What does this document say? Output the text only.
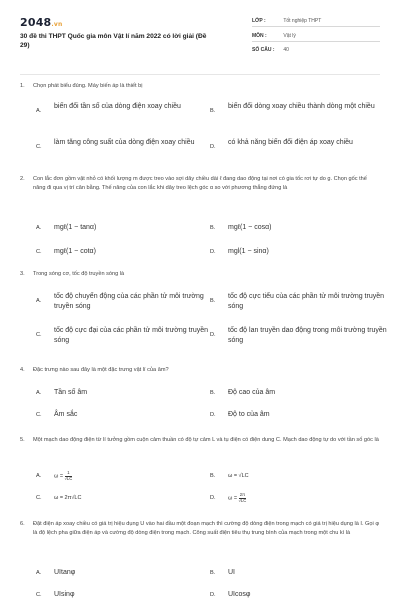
2048.vn
30 đề thi THPT Quốc gia môn Vật lí năm 2022 có lời giải (Đề 29)
LỚP :	Tốt nghiệp THPT
MÔN :	Vật lý
SỐ CÂU : 40
1. Chọn phát biểu đúng. Máy biến áp là thiết bị
A.
biến đổi tần số của dòng điện xoay chiều
B.
biến đổi dòng xoay chiều thành dòng một chiều
C.
làm tăng công suất của dòng điện xoay chiều
D.
có khả năng biến đổi điện áp xoay chiều
2. Con lắc đơn gồm vật nhỏ có khối lượng m được treo vào sợi dây chiều dài ℓ đang dao động tại nơi có gia tốc rơi tự do g. Chọn gốc thế năng đi qua vị trí cân bằng. Thế năng của con lắc khi dây treo lệch góc α so với phương thẳng đứng là
A. mgℓ(1 − tanα)	B. mgℓ(1 − cosα)
C. mgℓ(1 − cotα)	D. mgl(1 − sinα)
3. Trong sóng cơ, tốc độ truyền sóng là
A.
tốc độ chuyển động của các phần tử môi trường truyền sóng
B.
tốc độ cực tiểu của các phần tử môi trường truyền sóng
C.
tốc độ cực đại của các phần tử môi trường truyền sóng
D.
tốc độ lan truyền dao động trong môi trường truyền sóng
4. Đặc trưng nào sau đây là một đặc trưng vật lí của âm?
A. Tần số âm	B. Độ cao của âm
C. Âm sắc	D. Độ to của âm
5. Một mạch dao động điện từ lí tưởng gồm cuộn cảm thuần có độ tự cảm L và tụ điện có điện dung C. Mạch dao động tự do với tần số góc là
A. $\omega = \frac{1}{√LC}$	B. ω = √LC
C. ω = 2π√LC	D. $\omega = \frac{2\pi}{√LC}$
6. Đặt điện áp xoay chiều có giá trị hiệu dụng U vào hai đầu một đoạn mạch thì cường độ dòng điện trong mạch có giá trị hiệu dụng là I. Gọi φ là độ lệch pha giữa điện áp và cường độ dòng điện trong mạch. Công suất điện tiêu thụ trung bình của mạch trong một chu kì là
A. UItanφ	B. UI
C. UIsinφ	D. UIcosφ
